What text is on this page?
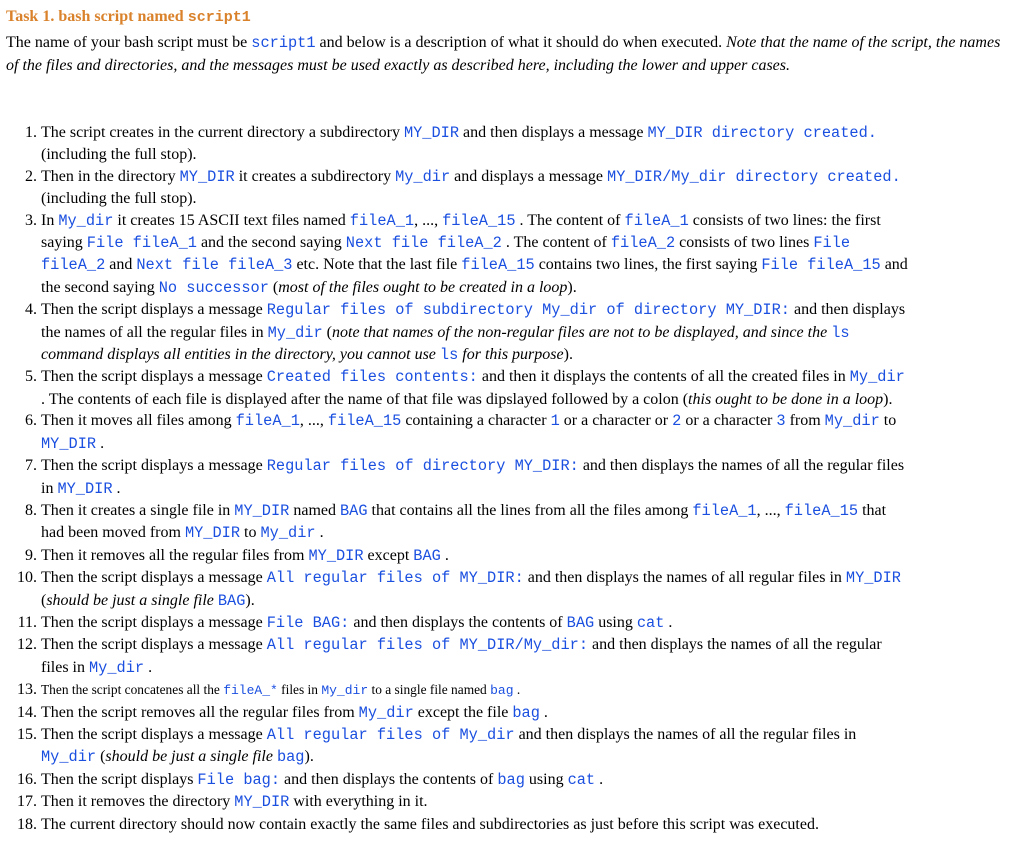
Task 1. bash script named script1
The name of your bash script must be script1 and below is a description of what it should do when executed. Note that the name of the script, the names of the files and directories, and the messages must be used exactly as described here, including the lower and upper cases.
1. The script creates in the current directory a subdirectory MY_DIR and then displays a message MY_DIR directory created. (including the full stop).
2. Then in the directory MY_DIR it creates a subdirectory My_dir and displays a message MY_DIR/My_dir directory created. (including the full stop).
3. In My_dir it creates 15 ASCII text files named fileA_1, ..., fileA_15 . The content of fileA_1 consists of two lines: the first saying File fileA_1 and the second saying Next file fileA_2 . The content of fileA_2 consists of two lines File fileA_2 and Next file fileA_3 etc. Note that the last file fileA_15 contains two lines, the first saying File fileA_15 and the second saying No successor (most of the files ought to be created in a loop).
4. Then the script displays a message Regular files of subdirectory My_dir of directory MY_DIR: and then displays the names of all the regular files in My_dir (note that names of the non-regular files are not to be displayed, and since the ls command displays all entities in the directory, you cannot use ls for this purpose).
5. Then the script displays a message Created files contents: and then it displays the contents of all the created files in My_dir . The contents of each file is displayed after the name of that file was dipslayed followed by a colon (this ought to be done in a loop).
6. Then it moves all files among fileA_1, ..., fileA_15 containing a character 1 or a character or 2 or a character 3 from My_dir to MY_DIR .
7. Then the script displays a message Regular files of directory MY_DIR: and then displays the names of all the regular files in MY_DIR .
8. Then it creates a single file in MY_DIR named BAG that contains all the lines from all the files among fileA_1, ..., fileA_15 that had been moved from MY_DIR to My_dir .
9. Then it removes all the regular files from MY_DIR except BAG .
10. Then the script displays a message All regular files of MY_DIR: and then displays the names of all regular files in MY_DIR (should be just a single file BAG).
11. Then the script displays a message File BAG: and then displays the contents of BAG using cat .
12. Then the script displays a message All regular files of MY_DIR/My_dir: and then displays the names of all the regular files in My_dir .
13. Then the script concatenes all the fileA_* files in My_dir to a single file named bag .
14. Then the script removes all the regular files from My_dir except the file bag .
15. Then the script displays a message All regular files of My_dir and then displays the names of all the regular files in My_dir (should be just a single file bag).
16. Then the script displays File bag: and then displays the contents of bag using cat .
17. Then it removes the directory MY_DIR with everything in it.
18. The current directory should now contain exactly the same files and subdirectories as just before this script was executed.
